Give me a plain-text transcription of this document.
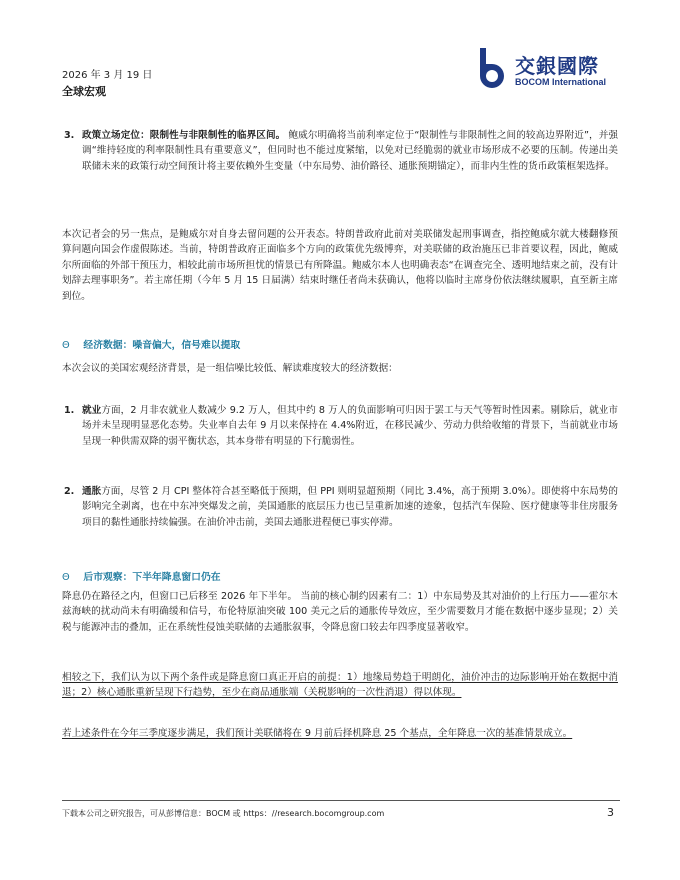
2026 年 3 月 19 日
全球宏观
交銀國際
BOCOM International
3. 政策立场定位：限制性与非限制性的临界区间。 鲍威尔明确将当前利率定位于“限制性与非限制性之间的较高边界附近”，并强调“维持轻度的利率限制性具有重要意义”，但同时也不能过度紧缩，以免对已经脆弱的就业市场形成不必要的压制。传递出美联储未来的政策行动空间预计将主要依赖外生变量（中东局势、油价路径、通胀预期锚定），而非内生性的货币政策框架选择。
本次记者会的另一焦点，是鲍威尔对自身去留问题的公开表态。特朗普政府此前对美联储发起刑事调查，指控鲍威尔就大楼翻修预算问题向国会作虚假陈述。当前，特朗普政府正面临多个方向的政策优先级博弈，对美联储的政治施压已非首要议程，因此，鲍威尔所面临的外部干预压力，相较此前市场所担忧的情景已有所降温。鲍威尔本人也明确表态“在调查完全、透明地结束之前，没有计划辞去理事职务”。若主席任期（今年 5 月 15 日届满）结束时继任者尚未获确认，他将以临时主席身份依法继续履职，直至新主席到位。
Θ 经济数据：噪音偏大，信号难以提取
本次会议的美国宏观经济背景，是一组信噪比较低、解读难度较大的经济数据：
1. 就业方面，2 月非农就业人数减少 9.2 万人，但其中约 8 万人的负面影响可归因于罢工与天气等暂时性因素。剔除后，就业市场并未呈现明显恶化态势。失业率自去年 9 月以来保持在 4.4%附近，在移民减少、劳动力供给收缩的背景下，当前就业市场呈现一种供需双降的弱平衡状态，其本身带有明显的下行脆弱性。
2. 通胀方面，尽管 2 月 CPI 整体符合甚至略低于预期，但 PPI 则明显超预期（同比 3.4%，高于预期 3.0%）。即使将中东局势的影响完全剥离，也在中东冲突爆发之前，美国通胀的底层压力也已呈重新加速的迹象，包括汽车保险、医疗健康等非住房服务项目的黏性通胀持续偏强。在油价冲击前，美国去通胀进程便已事实停滞。
Θ 后市观察：下半年降息窗口仍在
降息仍在路径之内，但窗口已后移至 2026 年下半年。 当前的核心制约因素有二：1）中东局势及其对油价的上行压力——霍尔木兹海峡的扰动尚未有明确缓和信号，布伦特原油突破 100 美元之后的通胀传导效应，至少需要数月才能在数据中逐步显现；2）关税与能源冲击的叠加，正在系统性侵蚀美联储的去通胀叙事，令降息窗口较去年四季度显著收窄。
相较之下，我们认为以下两个条件或是降息窗口真正开启的前提：1）地缘局势趋于明朗化，油价冲击的边际影响开始在数据中消退；2）核心通胀重新呈现下行趋势，至少在商品通胀端（关税影响的一次性消退）得以体现。
若上述条件在今年三季度逐步满足，我们预计美联储将在 9 月前后择机降息 25 个基点，全年降息一次的基准情景成立。
下载本公司之研究报告，可从彭博信息：BOCM 或 https：//research.bocomgroup.com	3
